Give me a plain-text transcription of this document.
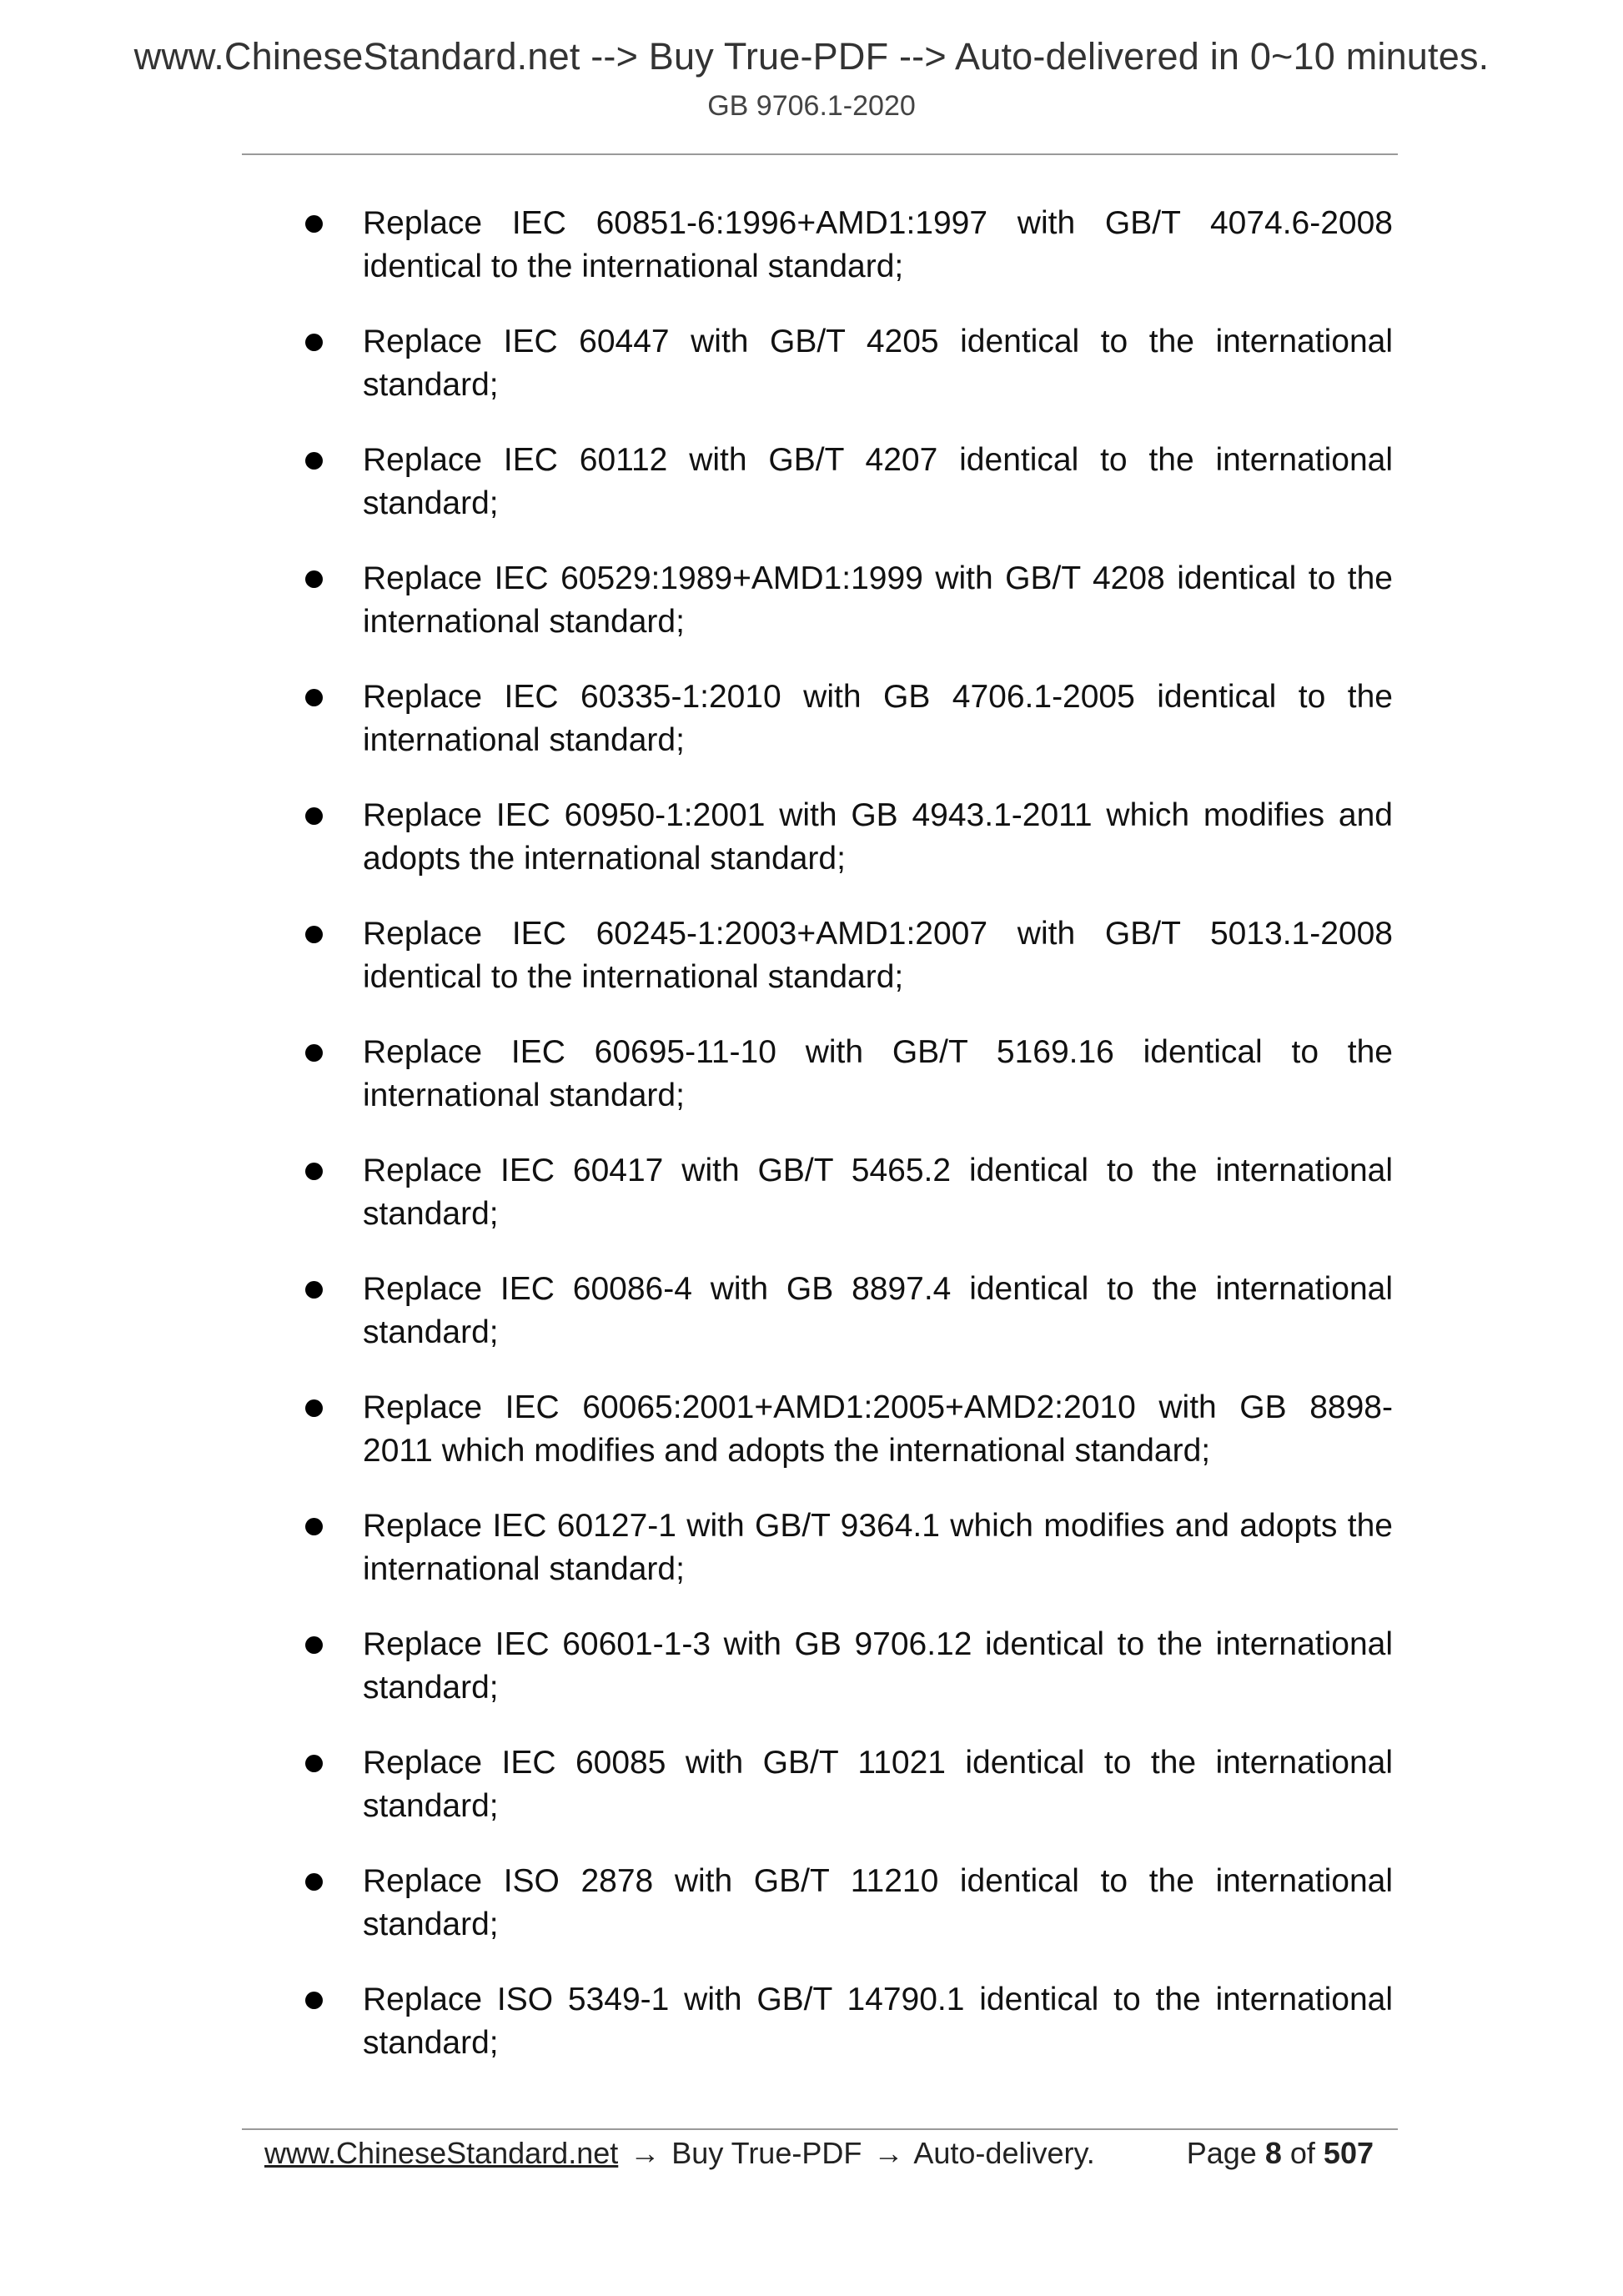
www.ChineseStandard.net --> Buy True-PDF --> Auto-delivered in 0~10 minutes.
GB 9706.1-2020

Replace IEC 60851-6:1996+AMD1:1997 with GB/T 4074.6-2008 identical to the international standard;

Replace IEC 60447 with GB/T 4205 identical to the international standard;

Replace IEC 60112 with GB/T 4207 identical to the international standard;

Replace IEC 60529:1989+AMD1:1999 with GB/T 4208 identical to the international standard;

Replace IEC 60335-1:2010 with GB 4706.1-2005 identical to the international standard;

Replace IEC 60950-1:2001 with GB 4943.1-2011 which modifies and adopts the international standard;

Replace IEC 60245-1:2003+AMD1:2007 with GB/T 5013.1-2008 identical to the international standard;

Replace IEC 60695-11-10 with GB/T 5169.16 identical to the international standard;

Replace IEC 60417 with GB/T 5465.2 identical to the international standard;

Replace IEC 60086-4 with GB 8897.4 identical to the international standard;

Replace IEC 60065:2001+AMD1:2005+AMD2:2010 with GB 8898-2011 which modifies and adopts the international standard;

Replace IEC 60127-1 with GB/T 9364.1 which modifies and adopts the international standard;

Replace IEC 60601-1-3 with GB 9706.12 identical to the international standard;

Replace IEC 60085 with GB/T 11021 identical to the international standard;

Replace ISO 2878 with GB/T 11210 identical to the international standard;

Replace ISO 5349-1 with GB/T 14790.1 identical to the international standard;

www.ChineseStandard.net → Buy True-PDF → Auto-delivery.	Page 8 of 507
